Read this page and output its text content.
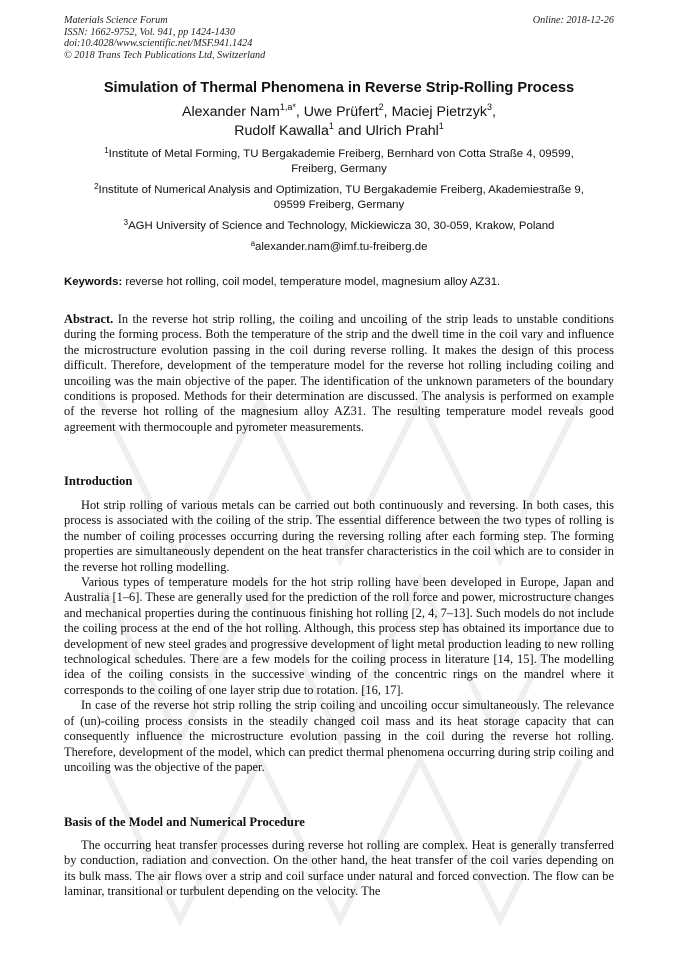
Materials Science Forum
ISSN: 1662-9752, Vol. 941, pp 1424-1430
doi:10.4028/www.scientific.net/MSF.941.1424
© 2018 Trans Tech Publications Ltd, Switzerland
Online: 2018-12-26
Simulation of Thermal Phenomena in Reverse Strip-Rolling Process
Alexander Nam$^{1,a*}$, Uwe Prüfert$^2$, Maciej Pietrzyk$^3$,
Rudolf Kawalla$^1$ and Ulrich Prahl$^1$
$^1$Institute of Metal Forming, TU Bergakademie Freiberg, Bernhard von Cotta Straße 4, 09599,
Freiberg, Germany
$^2$Institute of Numerical Analysis and Optimization, TU Bergakademie Freiberg, Akademiestraße 9,
09599 Freiberg, Germany
$^3$AGH University of Science and Technology, Mickiewicza 30, 30-059, Krakow, Poland
$^a$alexander.nam@imf.tu-freiberg.de
Keywords: reverse hot rolling, coil model, temperature model, magnesium alloy AZ31.
Abstract. In the reverse hot strip rolling, the coiling and uncoiling of the strip leads to unstable conditions during the forming process. Both the temperature of the strip and the dwell time in the coil vary and influence the microstructure evolution passing in the coil during reverse rolling. It makes the design of this process difficult. Therefore, development of the temperature model for the reverse hot rolling including coiling and uncoiling was the main objective of the paper. The identification of the unknown parameters of the boundary conditions is proposed. Methods for their determination are discussed. The analysis is performed on example of the reverse hot rolling of the magnesium alloy AZ31. The resulting temperature model reveals good agreement with thermocouple and pyrometer measurements.
Introduction

Hot strip rolling of various metals can be carried out both continuously and reversing. In both cases, this process is associated with the coiling of the strip. The essential difference between the two types of rolling is the number of coiling processes occurring during the reversing rolling after each forming step. The forming properties are simultaneously dependent on the heat transfer characteristics in the coil which are to consider in the reverse hot rolling modelling.

Various types of temperature models for the hot strip rolling have been developed in Europe, Japan and Australia [1–6]. These are generally used for the prediction of the roll force and power, microstructure changes and mechanical properties during the continuous finishing hot rolling [2, 4, 7–13]. Such models do not include the coiling process at the end of the hot rolling. Although, this process step has obtained its importance due to development of new steel grades and progressive development of light metal production leading to new rolling technological schedules. There are a few models for the coiling process in literature [14, 15]. The modelling idea of the coiling consists in the successive winding of the concentric rings on the mandrel where it corresponds to the coiling of one layer strip due to rotation. [16, 17].

In case of the reverse hot strip rolling the strip coiling and uncoiling occur simultaneously. The relevance of (un)-coiling process consists in the steadily changed coil mass and its heat storage capacity that can consequently influence the microstructure evolution passing in the coil during the reverse hot rolling. Therefore, development of the model, which can predict thermal phenomena occurring during strip coiling and uncoiling was the objective of the paper.

Basis of the Model and Numerical Procedure

The occurring heat transfer processes during reverse hot rolling are complex. Heat is generally transferred by conduction, radiation and convection. On the other hand, the heat transfer of the coil varies depending on its bulk mass. The air flows over a strip and coil surface under natural and forced convection. The flow can be laminar, transitional or turbulent depending on the velocity. The
